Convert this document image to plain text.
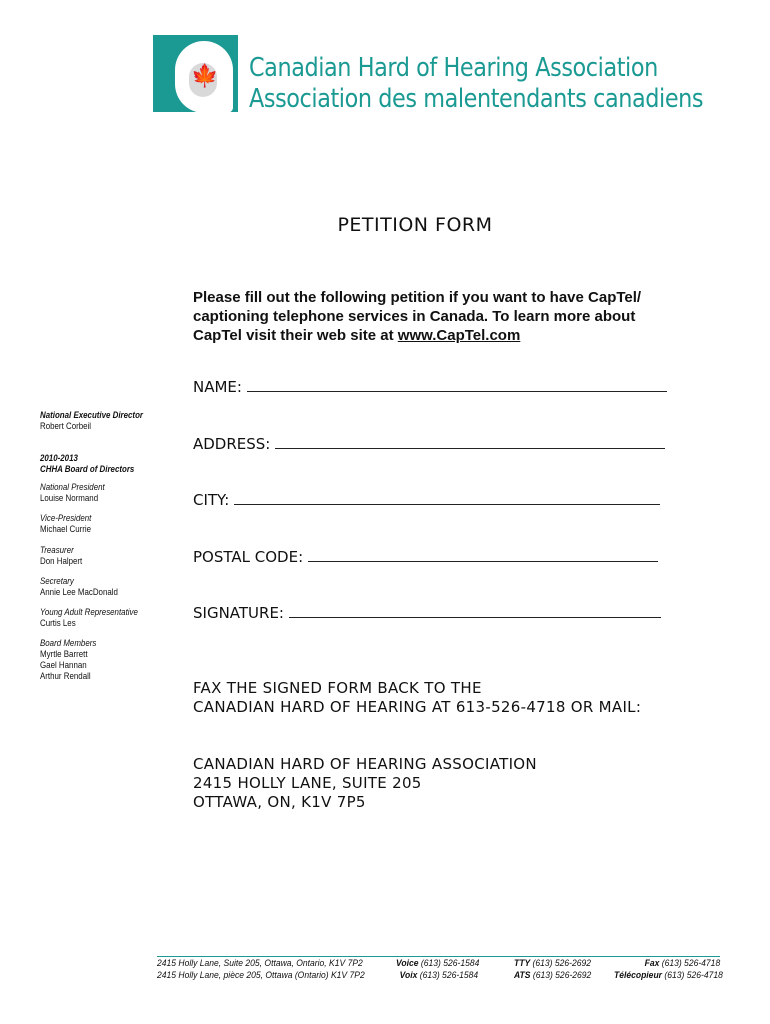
🍁 Canadian Hard of Hearing Association
Association des malentendants canadiens
PETITION FORM
Please fill out the following petition if you want to have CapTel/ captioning telephone services in Canada. To learn more about CapTel visit their web site at www.CapTel.com
NAME:
ADDRESS:
CITY:
POSTAL CODE:
SIGNATURE:
National Executive Director
Robert Corbeil
2010-2013
CHHA Board of Directors
National President
Louise Normand
Vice-President
Michael Currie
Treasurer
Don Halpert
Secretary
Annie Lee MacDonald
Young Adult Representative
Curtis Les
Board Members
Myrtle Barrett
Gael Hannan
Arthur Rendall
FAX THE SIGNED FORM BACK TO THE
CANADIAN HARD OF HEARING AT 613-526-4718 OR MAIL:
CANADIAN HARD OF HEARING ASSOCIATION
2415 HOLLY LANE, SUITE 205
OTTAWA, ON, K1V 7P5
2415 Holly Lane, Suite 205, Ottawa, Ontario, K1V 7P2
2415 Holly Lane, pièce 205, Ottawa (Ontario) K1V 7P2
Voice (613) 526-1584
Voix (613) 526-1584
TTY (613) 526-2692
ATS (613) 526-2692
Fax (613) 526-4718
Télécopieur (613) 526-4718
